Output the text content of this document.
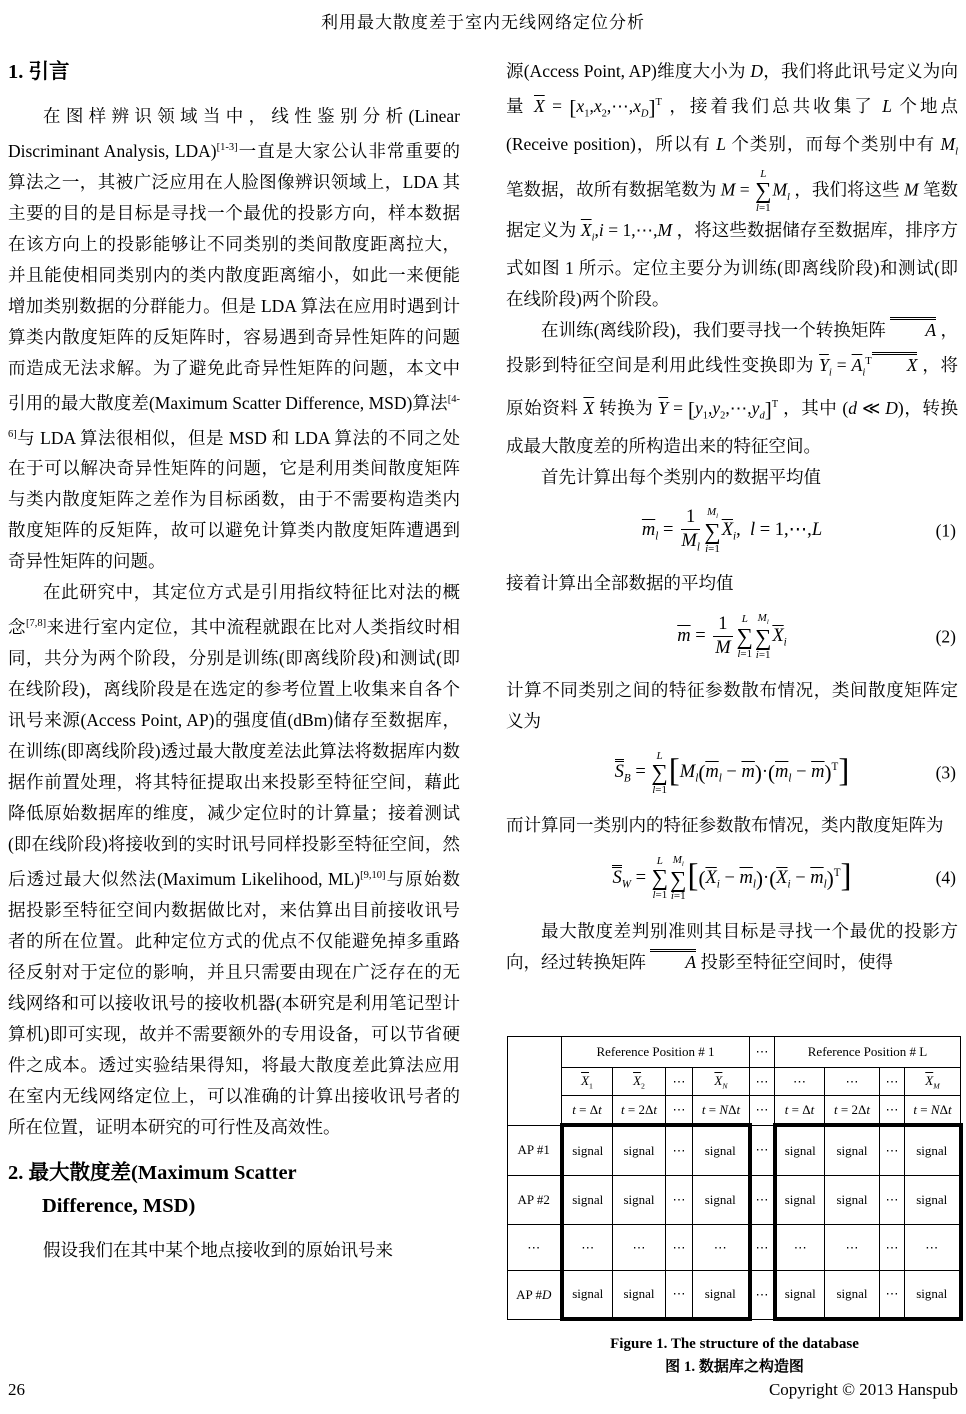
利用最大散度差于室内无线网络定位分析
1. 引言

在图样辨识领域当中，线性鉴别分析(Linear Discriminant Analysis, LDA)[1-3]一直是大家公认非常重要的算法之一，其被广泛应用在人脸图像辨识领域上，LDA 其主要的目的是目标是寻找一个最优的投影方向，样本数据在该方向上的投影能够让不同类别的类间散度距离拉大，并且能使相同类别内的类内散度距离缩小，如此一来便能增加类别数据的分群能力。但是 LDA 算法在应用时遇到计算类内散度矩阵的反矩阵时，容易遇到奇异性矩阵的问题而造成无法求解。为了避免此奇异性矩阵的问题，本文中引用的最大散度差(Maximum Scatter Difference, MSD)算法[4-6]与 LDA 算法很相似，但是 MSD 和 LDA 算法的不同之处在于可以解决奇异性矩阵的问题，它是利用类间散度矩阵与类内散度矩阵之差作为目标函数，由于不需要构造类内散度矩阵的反矩阵，故可以避免计算类内散度矩阵遭遇到奇异性矩阵的问题。

在此研究中，其定位方式是引用指纹特征比对法的概念[7,8]来进行室内定位，其中流程就跟在比对人类指纹时相同，共分为两个阶段，分别是训练(即离线阶段)和测试(即在线阶段)，离线阶段是在选定的参考位置上收集来自各个讯号来源(Access Point, AP)的强度值(dBm)储存至数据库，在训练(即离线阶段)透过最大散度差法此算法将数据库内数据作前置处理，将其特征提取出来投影至特征空间，藉此降低原始数据库的维度，减少定位时的计算量；接着测试(即在线阶段)将接收到的实时讯号同样投影至特征空间，然后透过最大似然法(Maximum Likelihood, ML)[9,10]与原始数据投影至特征空间内数据做比对，来估算出目前接收讯号者的所在位置。此种定位方式的优点不仅能避免掉多重路径反射对于定位的影响，并且只需要由现在广泛存在的无线网络和可以接收讯号的接收机器(本研究是利用笔记型计算机)即可实现，故并不需要额外的专用设备，可以节省硬件之成本。透过实验结果得知，将最大散度差此算法应用在室内无线网络定位上，可以准确的计算出接收讯号者的所在位置，证明本研究的可行性及高效性。

2. 最大散度差(Maximum Scatter
Difference, MSD)

假设我们在其中某个地点接收到的原始讯号来

源(Access Point, AP)维度大小为 D，我们将此讯号定义为向量 $\overline{X}$ = $[x_1,x_2,\cdots,x_D]^T$ ，接着我们总共收集了 L 个地点(Receive position)，所以有 L 个类别，而每个类别中有 $M_l$ 笔数据，故所有数据笔数为 M =
L
∑
l=1
$M_l$ ，我们将这些 M 笔数据定义为 $\overline{X}_i,i$ = 1,⋯,M ，将这些数据储存至数据库，排序方式如图 1 所示。定位主要分为训练(即离线阶段)和测试(即在线阶段)两个阶段。

在训练(离线阶段)，我们要寻找一个转换矩阵 A ，投影到特征空间是利用此线性变换即为 $\overline{Y}_i = \overline{A}_i^T$ X ，将原始资料 $\overline{X}$ 转换为 $\overline{Y}$ = $[y_1,y_2,\cdots,y_d]^T$ ，其中 (d ≪ D)，转换成最大散度差的所构造出来的特征空间。

首先计算出每个类别内的数据平均值

$\overline{m}_l = \frac{1}{M_l} M_l$
∑
i=1
$\overline{X}_i$,  l = 1,⋯,L	(1)

接着计算出全部数据的平均值

$\overline{m} = \frac{1}{M}$ L
∑
l=1
$M_l$
∑
i=1
$\overline{X}_i$	(2)

计算不同类别之间的特征参数散布情况，类间散度矩阵定义为

$S_B$ =
L
∑
l=1
$[M_l(\overline{m}_l - \overline{m})\cdot(\overline{m}_l - \overline{m})^T]$	(3)

而计算同一类别内的特征参数散布情况，类内散度矩阵为

$S_W$ =
L
∑
l=1
$M_l$
∑
i=1
$[(\overline{X}_i - \overline{m}_l)\cdot(\overline{X}_i - \overline{m}_l)^T]$	(4)

最大散度差判别准则其目标是寻找一个最优的投影方向，经过转换矩阵 A 投影至特征空间时，使得

	Reference Position # 1				⋯	Reference Position # L			
	$\overline{X}_1$	$\overline{X}_2$	⋯	$\overline{X}_N$	⋯	⋯	⋯	⋯	$\overline{X}_M$
	t = Δt	t = 2Δt	⋯	t = NΔt	⋯	t = Δt	t = 2Δt	⋯	t = NΔt
AP #1	signal	signal	⋯	signal	⋯	signal	signal	⋯	signal
AP #2	signal	signal	⋯	signal	⋯	signal	signal	⋯	signal
⋯	⋯	⋯	⋯	⋯	⋯	⋯	⋯	⋯	⋯
AP #D	signal	signal	⋯	signal	⋯	signal	signal	⋯	signal
Figure 1. The structure of the database
图 1. 数据库之构造图
26	Copyright © 2013 Hanspub
